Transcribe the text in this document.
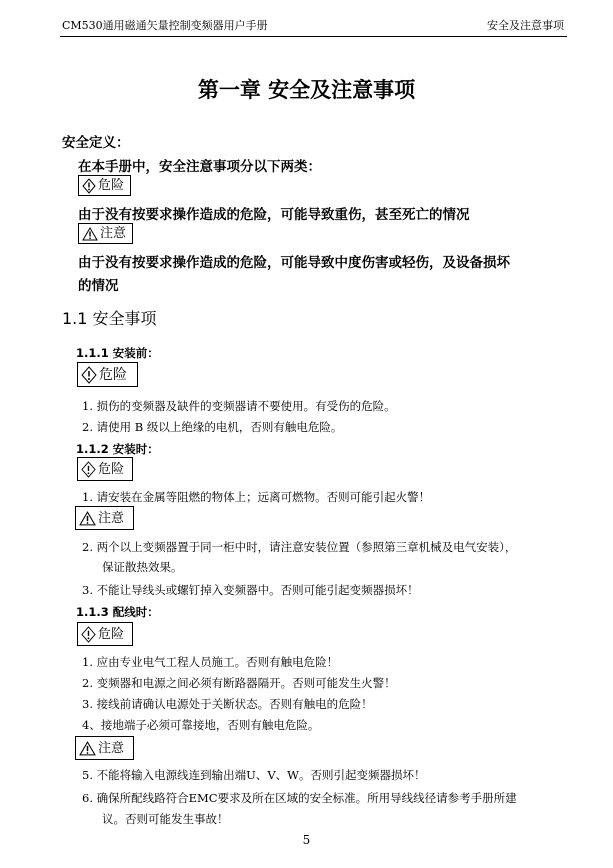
CM530通用磁通矢量控制变频器用户手册	安全及注意事项
第一章 安全及注意事项
安全定义：
在本手册中，安全注意事项分以下两类：
危险
由于没有按要求操作造成的危险，可能导致重伤，甚至死亡的情况
注意
由于没有按要求操作造成的危险，可能导致中度伤害或轻伤，及设备损坏
的情况
1.1 安全事项
1.1.1 安装前：
危险
1. 损伤的变频器及缺件的变频器请不要使用。有受伤的危险。
2. 请使用 B 级以上绝缘的电机，否则有触电危险。
1.1.2 安装时：
危险
1. 请安装在金属等阻燃的物体上；远离可燃物。否则可能引起火警！
注意
2. 两个以上变频器置于同一柜中时，请注意安装位置（参照第三章机械及电气安装），
保证散热效果。
3. 不能让导线头或螺钉掉入变频器中。否则可能引起变频器损坏！
1.1.3 配线时：
危险
1. 应由专业电气工程人员施工。否则有触电危险！
2. 变频器和电源之间必须有断路器隔开。否则可能发生火警！
3. 接线前请确认电源处于关断状态。否则有触电的危险！
4、接地端子必须可靠接地，否则有触电危险。
注意
5. 不能将输入电源线连到输出端U、V、W。否则引起变频器损坏！
6. 确保所配线路符合EMC要求及所在区域的安全标准。所用导线线径请参考手册所建
议。否则可能发生事故！
5
